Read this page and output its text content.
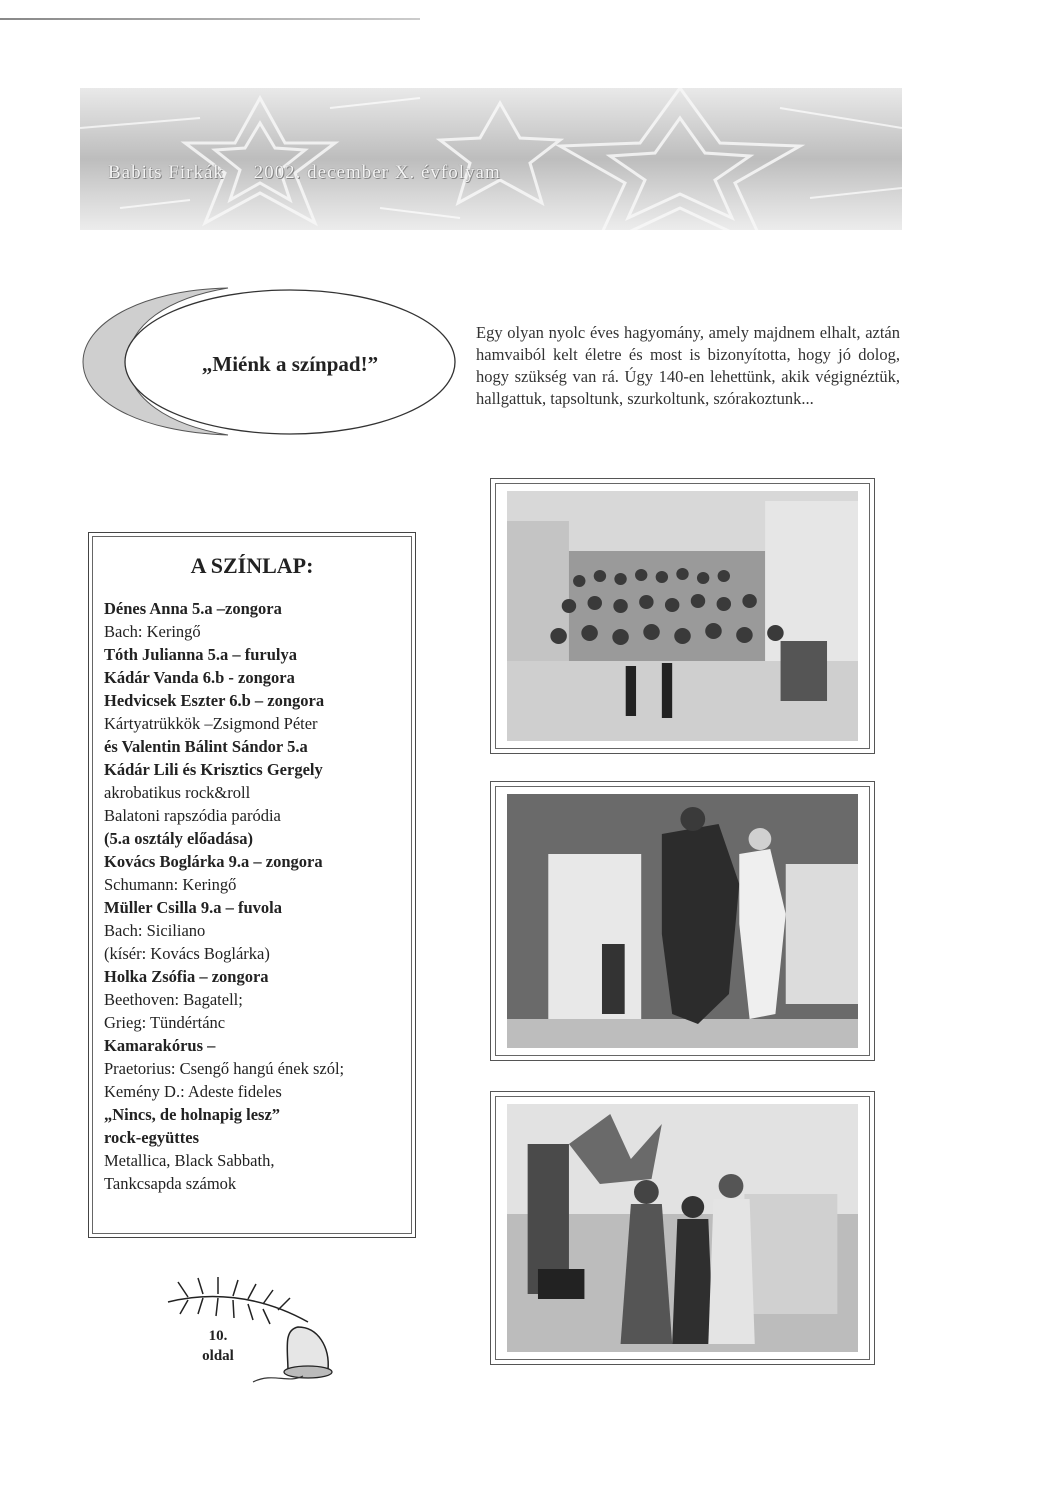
Babits Firkák 2002. december X. évfolyam
„Miénk a színpad!”
Egy olyan nyolc éves hagyomány, amely majdnem elhalt, aztán hamvaiból kelt életre és most is bizonyította, hogy jó dolog, hogy szükség van rá. Úgy 140-en lehettünk, akik végignéztük, hallgattuk, tapsoltunk, szurkoltunk, szórakoztunk...
A SZÍNLAP:
Dénes Anna 5.a –zongora
Bach: Keringő
Tóth Julianna 5.a – furulya
Kádár Vanda 6.b - zongora
Hedvicsek Eszter 6.b – zongora
Kártyatrükkök –Zsigmond Péter
és Valentin Bálint Sándor 5.a
Kádár Lili és Krisztics Gergely
akrobatikus rock&roll
Balatoni rapszódia paródia
(5.a osztály előadása)
Kovács Boglárka 9.a – zongora
Schumann: Keringő
Müller Csilla 9.a – fuvola
Bach: Siciliano
(kísér: Kovács Boglárka)
Holka Zsófia – zongora
Beethoven: Bagatell;
Grieg: Tündértánc
Kamarakórus –
Praetorius: Csengő hangú ének szól;
Kemény D.: Adeste fideles
„Nincs, de holnapig lesz”
rock-együttes
Metallica, Black Sabbath,
Tankcsapda számok
10.
oldal
